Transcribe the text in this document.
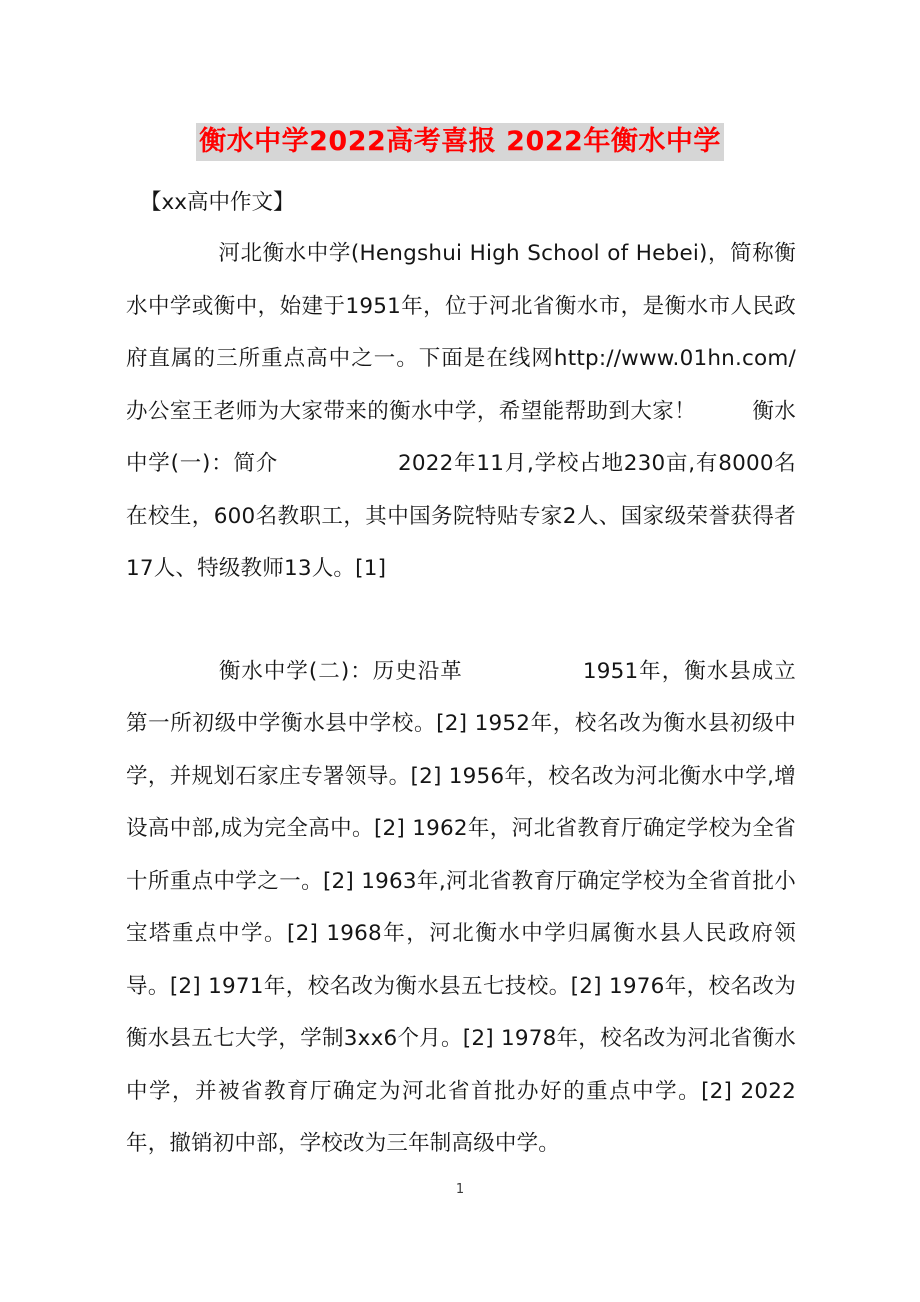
衡水中学2022高考喜报 2022年衡水中学

【xx高中作文】

河北衡水中学(Hengshui High School of Hebei)，简称衡水中学或衡中，始建于1951年，位于河北省衡水市，是衡水市人民政府直属的三所重点高中之一。下面是在线网http://www.01hn.com/办公室王老师为大家带来的衡水中学，希望能帮助到大家！	衡水中学(一)：简介	2022年11月,学校占地230亩,有8000名在校生，600名教职工，其中国务院特贴专家2人、国家级荣誉获得者17人、特级教师13人。[1]

衡水中学(二)：历史沿革	1951年，衡水县成立第一所初级中学衡水县中学校。[2] 1952年，校名改为衡水县初级中学，并规划石家庄专署领导。[2] 1956年，校名改为河北衡水中学,增设高中部,成为完全高中。[2] 1962年，河北省教育厅确定学校为全省十所重点中学之一。[2] 1963年,河北省教育厅确定学校为全省首批小宝塔重点中学。[2] 1968年，河北衡水中学归属衡水县人民政府领导。[2] 1971年，校名改为衡水县五七技校。[2] 1976年，校名改为衡水县五七大学，学制3xx6个月。[2] 1978年，校名改为河北省衡水中学，并被省教育厅确定为河北省首批办好的重点中学。[2] 2022年，撤销初中部，学校改为三年制高级中学。

1
